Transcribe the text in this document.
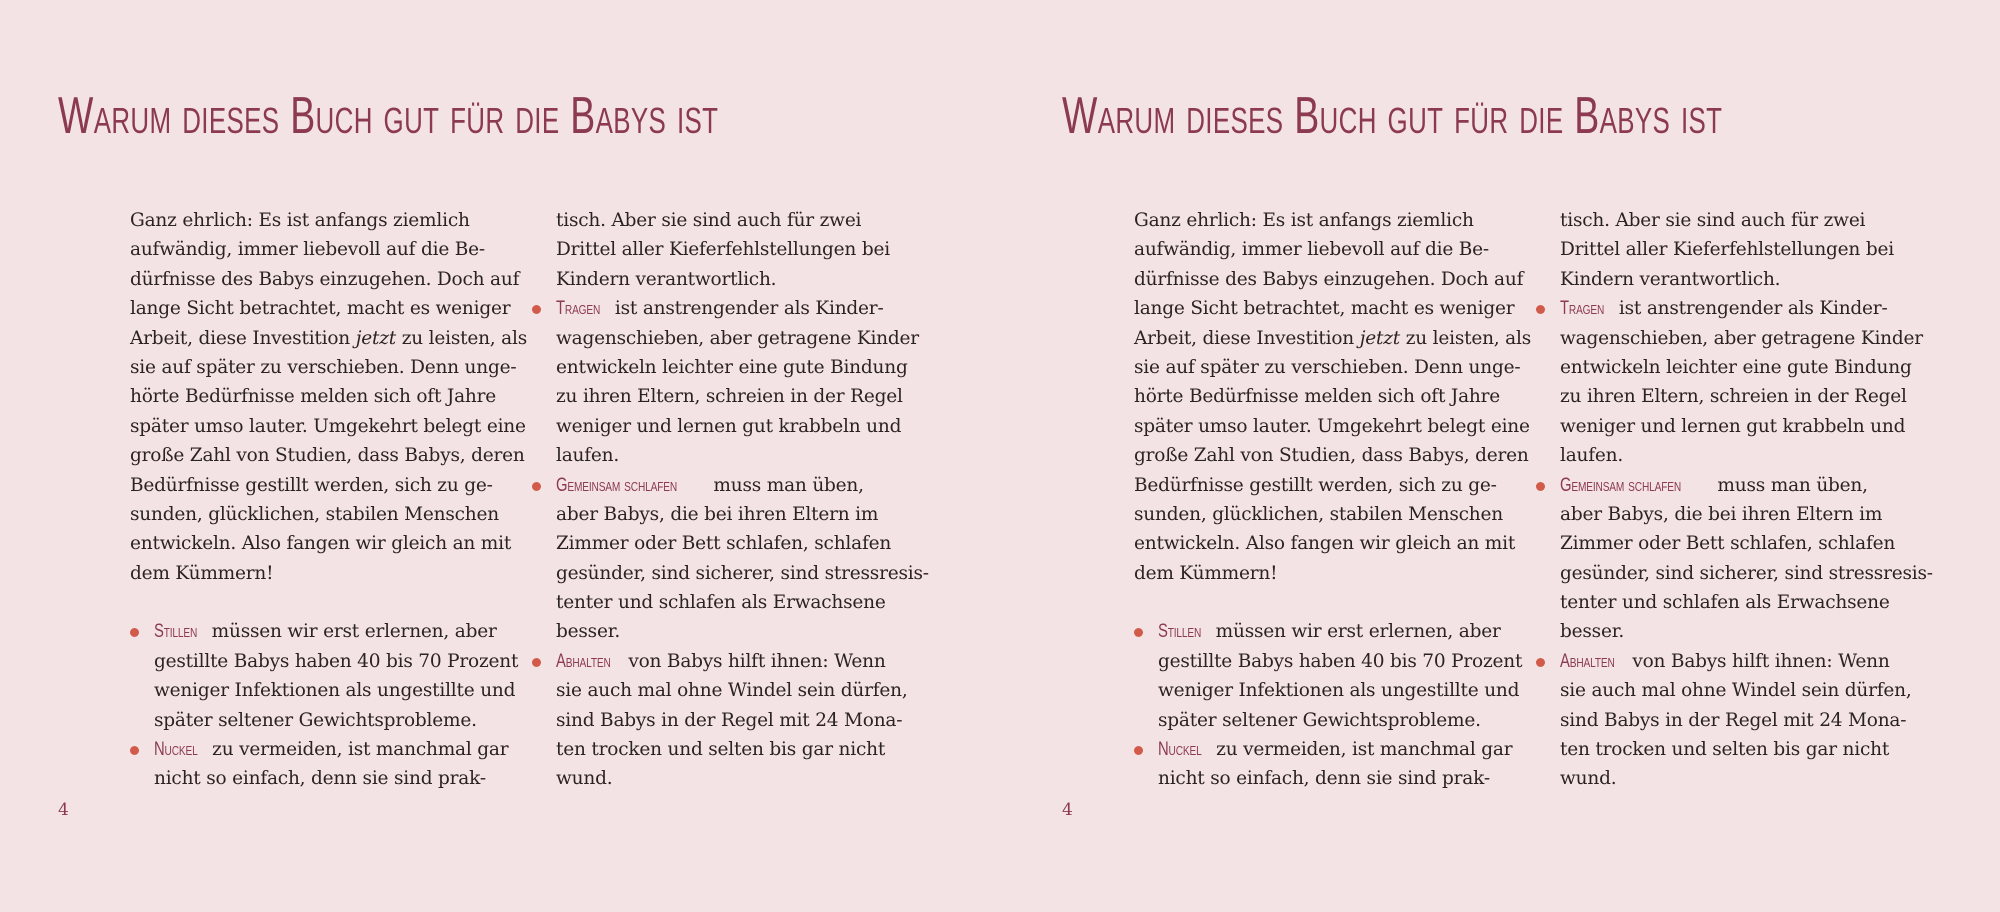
Warum dieses Buch gut für die Babys ist
Ganz ehrlich: Es ist anfangs ziemlich
aufwändig, immer liebevoll auf die Be-
dürfnisse des Babys einzugehen. Doch auf
lange Sicht betrachtet, macht es weniger
Arbeit, diese Investition jetzt zu leisten, als
sie auf später zu verschieben. Denn unge-
hörte Bedürfnisse melden sich oft Jahre
später umso lauter. Umgekehrt belegt eine
große Zahl von Studien, dass Babys, deren
Bedürfnisse gestillt werden, sich zu ge-
sunden, glücklichen, stabilen Menschen
entwickeln. Also fangen wir gleich an mit
dem Kümmern!
Stillen müssen wir erst erlernen, aber
gestillte Babys haben 40 bis 70 Prozent
weniger Infektionen als ungestillte und
später seltener Gewichtsprobleme.
Nuckel zu vermeiden, ist manchmal gar
nicht so einfach, denn sie sind prak-
tisch. Aber sie sind auch für zwei
Drittel aller Kieferfehlstellungen bei
Kindern verantwortlich.
Tragen ist anstrengender als Kinder-
wagenschieben, aber getragene Kinder
entwickeln leichter eine gute Bindung
zu ihren Eltern, schreien in der Regel
weniger und lernen gut krabbeln und
laufen.
Gemeinsam schlafen muss man üben,
aber Babys, die bei ihren Eltern im
Zimmer oder Bett schlafen, schlafen
gesünder, sind sicherer, sind stressresis-
tenter und schlafen als Erwachsene
besser.
Abhalten von Babys hilft ihnen: Wenn
sie auch mal ohne Windel sein dürfen,
sind Babys in der Regel mit 24 Mona-
ten trocken und selten bis gar nicht
wund.
4
Warum dieses Buch gut für die Babys ist
Ganz ehrlich: Es ist anfangs ziemlich
aufwändig, immer liebevoll auf die Be-
dürfnisse des Babys einzugehen. Doch auf
lange Sicht betrachtet, macht es weniger
Arbeit, diese Investition jetzt zu leisten, als
sie auf später zu verschieben. Denn unge-
hörte Bedürfnisse melden sich oft Jahre
später umso lauter. Umgekehrt belegt eine
große Zahl von Studien, dass Babys, deren
Bedürfnisse gestillt werden, sich zu ge-
sunden, glücklichen, stabilen Menschen
entwickeln. Also fangen wir gleich an mit
dem Kümmern!
Stillen müssen wir erst erlernen, aber
gestillte Babys haben 40 bis 70 Prozent
weniger Infektionen als ungestillte und
später seltener Gewichtsprobleme.
Nuckel zu vermeiden, ist manchmal gar
nicht so einfach, denn sie sind prak-
tisch. Aber sie sind auch für zwei
Drittel aller Kieferfehlstellungen bei
Kindern verantwortlich.
Tragen ist anstrengender als Kinder-
wagenschieben, aber getragene Kinder
entwickeln leichter eine gute Bindung
zu ihren Eltern, schreien in der Regel
weniger und lernen gut krabbeln und
laufen.
Gemeinsam schlafen muss man üben,
aber Babys, die bei ihren Eltern im
Zimmer oder Bett schlafen, schlafen
gesünder, sind sicherer, sind stressresis-
tenter und schlafen als Erwachsene
besser.
Abhalten von Babys hilft ihnen: Wenn
sie auch mal ohne Windel sein dürfen,
sind Babys in der Regel mit 24 Mona-
ten trocken und selten bis gar nicht
wund.
4
